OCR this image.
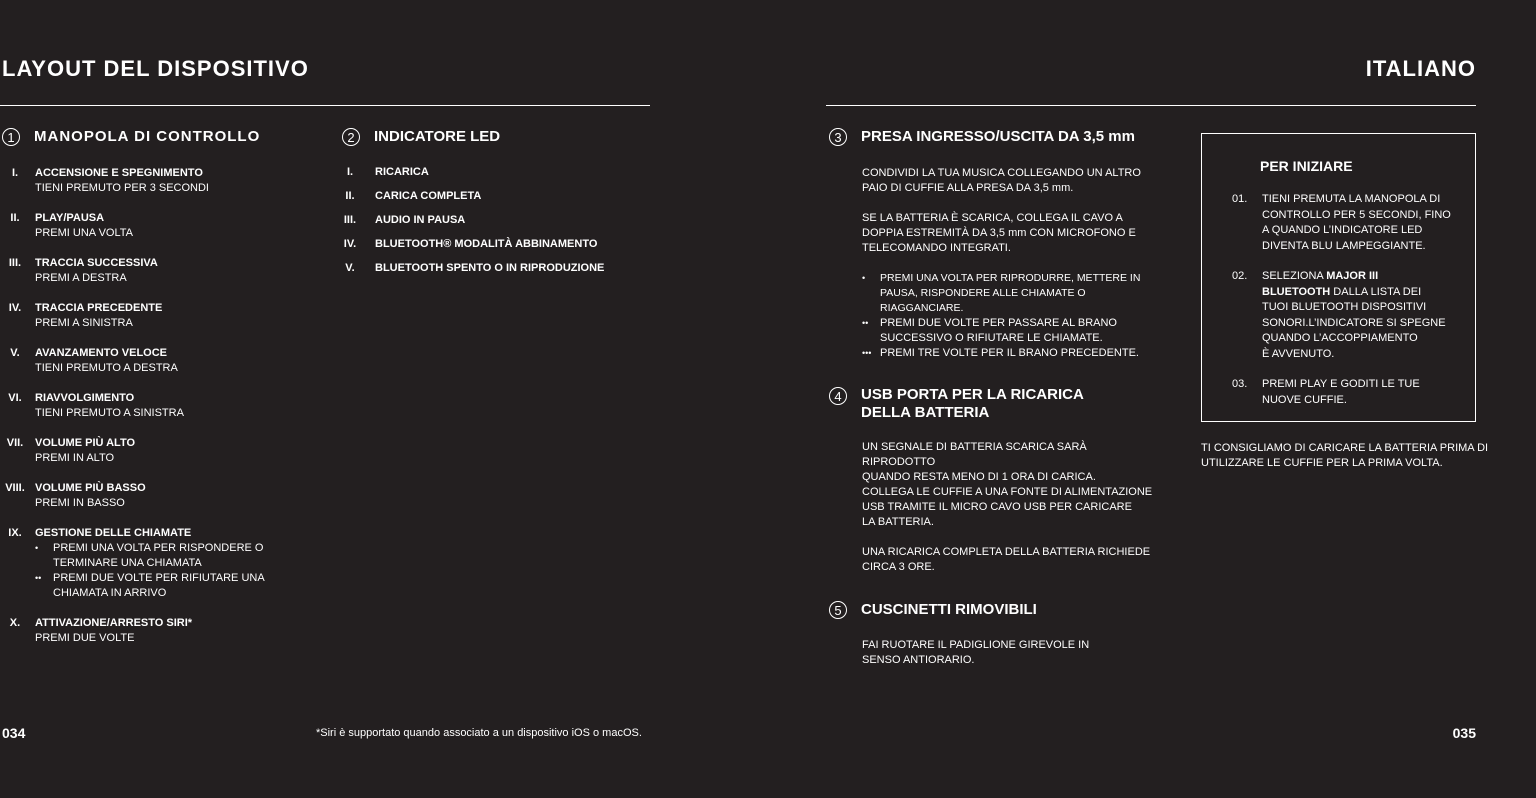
LAYOUT DEL DISPOSITIVO	ITALIANO
1	MANOPOLA DI CONTROLLO
I.	ACCENSIONE E SPEGNIMENTO
TIENI PREMUTO PER 3 SECONDI
II.	PLAY/PAUSA
PREMI UNA VOLTA
III.	TRACCIA SUCCESSIVA
PREMI A DESTRA
IV.	TRACCIA PRECEDENTE
PREMI A SINISTRA
V.	AVANZAMENTO VELOCE
TIENI PREMUTO A DESTRA
VI.	RIAVVOLGIMENTO
TIENI PREMUTO A SINISTRA
VII.	VOLUME PIÙ ALTO
PREMI IN ALTO
VIII. VOLUME PIÙ BASSO
PREMI IN BASSO
IX.	GESTIONE DELLE CHIAMATE
• PREMI UNA VOLTA PER RISPONDERE O
TERMINARE UNA CHIAMATA
•• PREMI DUE VOLTE PER RIFIUTARE UNA
CHIAMATA IN ARRIVO
X.	ATTIVAZIONE/ARRESTO SIRI*
PREMI DUE VOLTE
2	INDICATORE LED
I. RICARICA
II. CARICA COMPLETA
III. AUDIO IN PAUSA
IV. BLUETOOTH® MODALITÀ ABBINAMENTO
V. BLUETOOTH SPENTO O IN RIPRODUZIONE
3	PRESA INGRESSO/USCITA DA 3,5 mm
CONDIVIDI LA TUA MUSICA COLLEGANDO UN ALTRO
PAIO DI CUFFIE ALLA PRESA DA 3,5 mm.
SE LA BATTERIA È SCARICA, COLLEGA IL CAVO A
DOPPIA ESTREMITÀ DA 3,5 mm CON MICROFONO E
TELECOMANDO INTEGRATI.
• PREMI UNA VOLTA PER RIPRODURRE, METTERE IN
PAUSA, RISPONDERE ALLE CHIAMATE O RIAGGANCIARE.
•• PREMI DUE VOLTE PER PASSARE AL BRANO
SUCCESSIVO O RIFIUTARE LE CHIAMATE.
••• PREMI TRE VOLTE PER IL BRANO PRECEDENTE.
4	USB PORTA PER LA RICARICA
DELLA BATTERIA
UN SEGNALE DI BATTERIA SCARICA SARÀ RIPRODOTTO
QUANDO RESTA MENO DI 1 ORA DI CARICA.
COLLEGA LE CUFFIE A UNA FONTE DI ALIMENTAZIONE
USB TRAMITE IL MICRO CAVO USB PER CARICARE
LA BATTERIA.
UNA RICARICA COMPLETA DELLA BATTERIA RICHIEDE
CIRCA 3 ORE.
5	CUSCINETTI RIMOVIBILI
FAI RUOTARE IL PADIGLIONE GIREVOLE IN
SENSO ANTIORARIO.
PER INIZIARE
01. TIENI PREMUTA LA MANOPOLA DI
CONTROLLO PER 5 SECONDI, FINO
A QUANDO L’INDICATORE LED
DIVENTA BLU LAMPEGGIANTE.
02. SELEZIONA MAJOR III
BLUETOOTH DALLA LISTA DEI
TUOI BLUETOOTH DISPOSITIVI
SONORI.L’INDICATORE SI SPEGNE
QUANDO L’ACCOPPIAMENTO
È AVVENUTO.
03. PREMI PLAY E GODITI LE TUE
NUOVE CUFFIE.
TI CONSIGLIAMO DI CARICARE LA BATTERIA PRIMA DI
UTILIZZARE LE CUFFIE PER LA PRIMA VOLTA.
034	*Siri è supportato quando associato a un dispositivo iOS o macOS.	035
